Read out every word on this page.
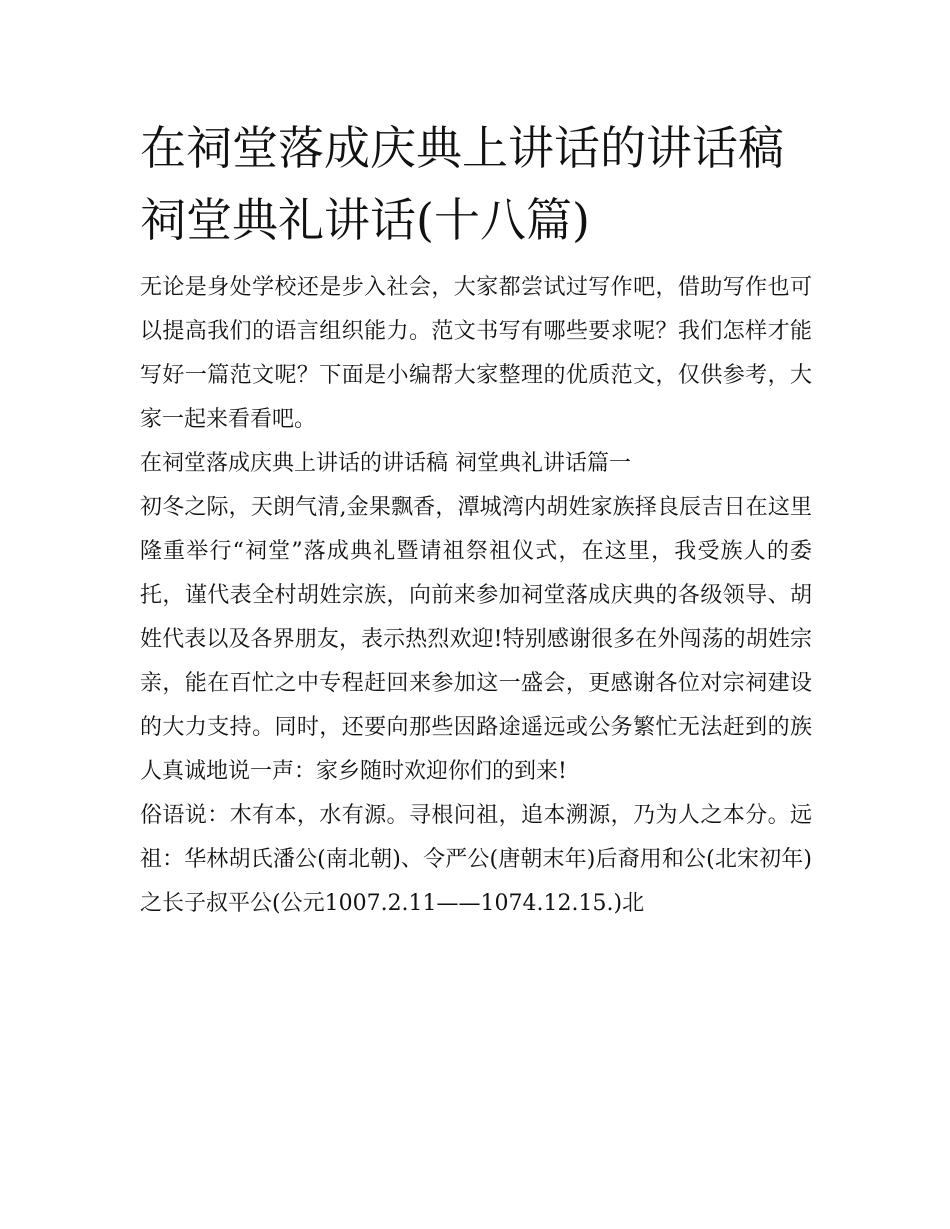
在祠堂落成庆典上讲话的讲话稿 祠堂典礼讲话(十八篇)

无论是身处学校还是步入社会，大家都尝试过写作吧，借助写作也可以提高我们的语言组织能力。范文书写有哪些要求呢？我们怎样才能写好一篇范文呢？下面是小编帮大家整理的优质范文，仅供参考，大家一起来看看吧。

在祠堂落成庆典上讲话的讲话稿 祠堂典礼讲话篇一

初冬之际，天朗气清,金果飘香，潭城湾内胡姓家族择良辰吉日在这里隆重举行“祠堂”落成典礼暨请祖祭祖仪式，在这里，我受族人的委托，谨代表全村胡姓宗族，向前来参加祠堂落成庆典的各级领导、胡姓代表以及各界朋友，表示热烈欢迎!特别感谢很多在外闯荡的胡姓宗亲，能在百忙之中专程赶回来参加这一盛会，更感谢各位对宗祠建设的大力支持。同时，还要向那些因路途遥远或公务繁忙无法赶到的族人真诚地说一声：家乡随时欢迎你们的到来!

俗语说：木有本，水有源。寻根问祖，追本溯源，乃为人之本分。远祖：华林胡氏潘公(南北朝)、令严公(唐朝末年)后裔用和公(北宋初年)之长子叔平公(公元1007.2.11——1074.12.15.)北
